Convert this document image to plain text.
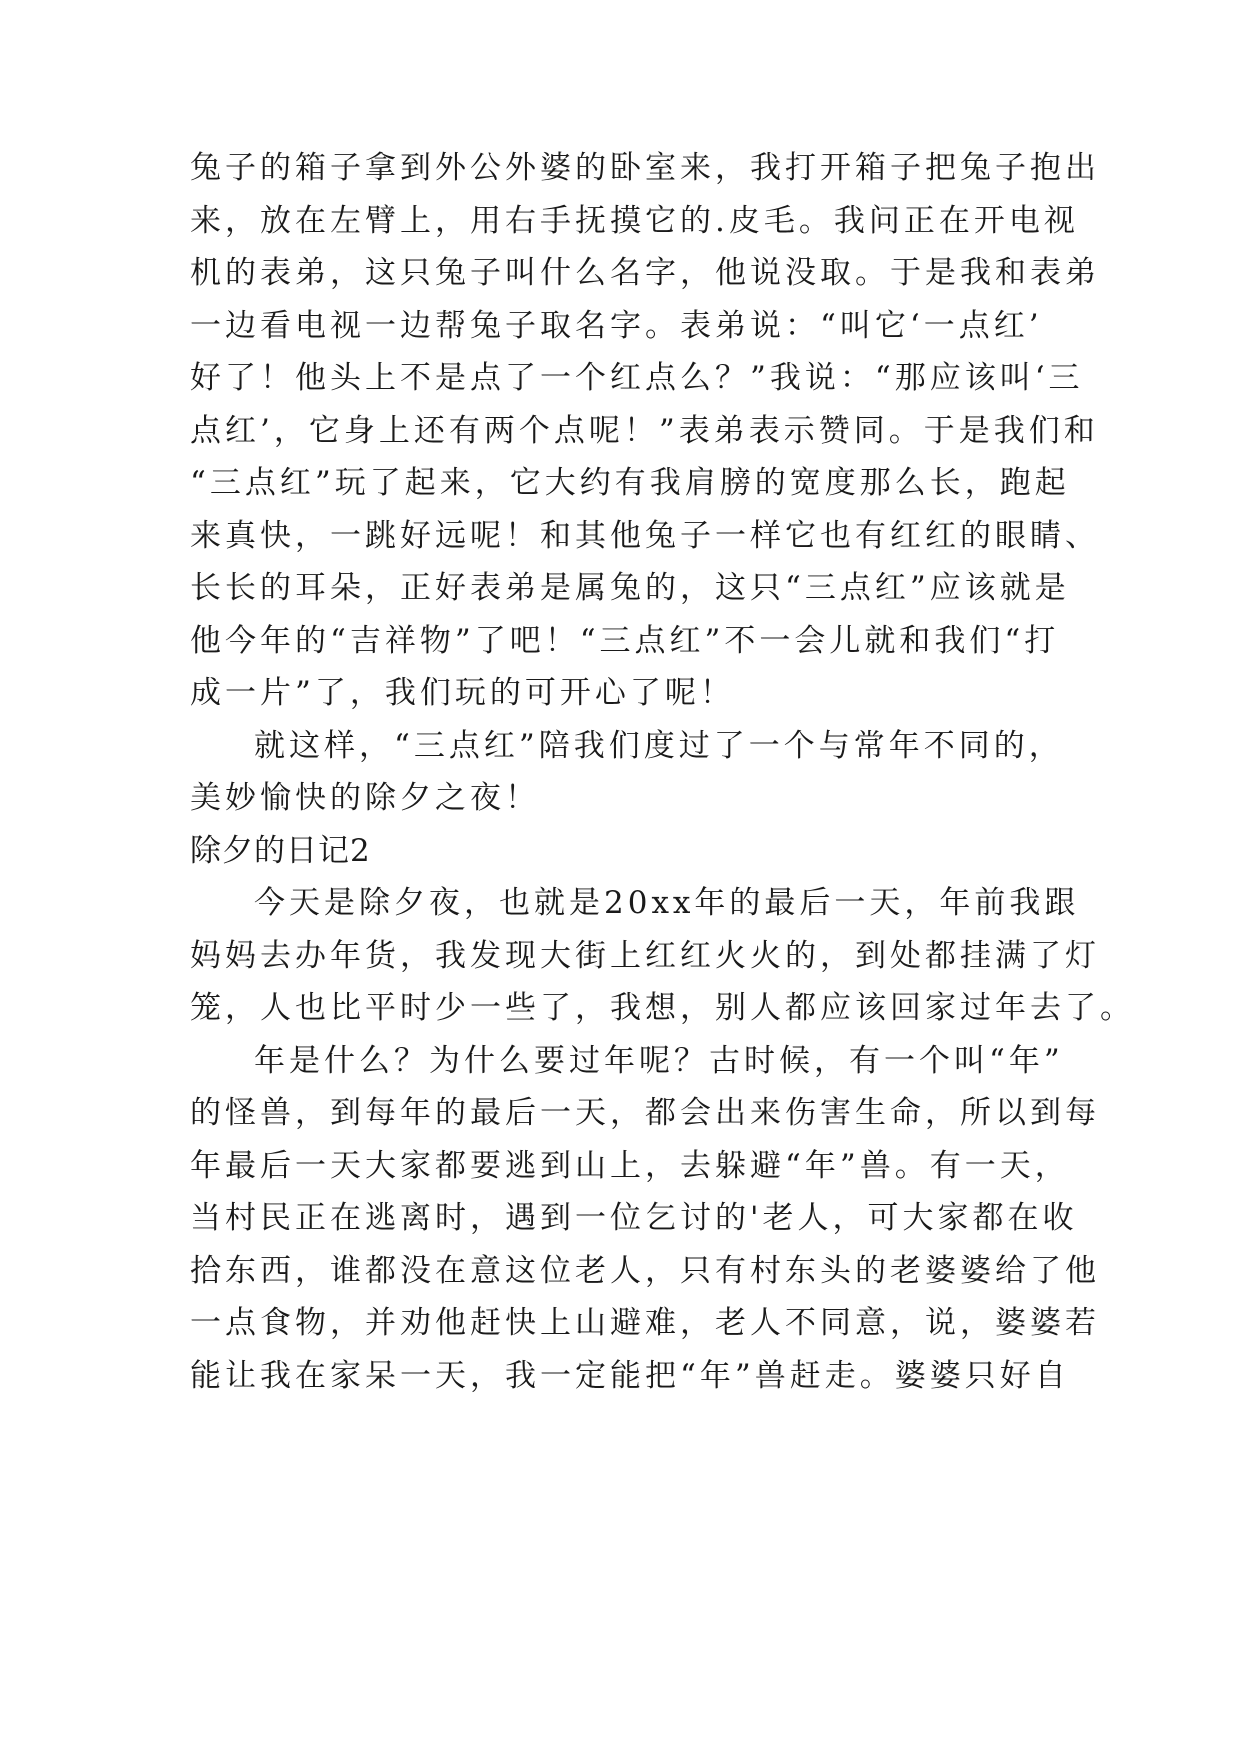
兔子的箱子拿到外公外婆的卧室来，我打开箱子把兔子抱出
来，放在左臂上，用右手抚摸它的.皮毛。我问正在开电视
机的表弟，这只兔子叫什么名字，他说没取。于是我和表弟
一边看电视一边帮兔子取名字。表弟说：“叫它‘一点红’
好了！他头上不是点了一个红点么？”我说：“那应该叫‘三
点红’，它身上还有两个点呢！”表弟表示赞同。于是我们和
“三点红”玩了起来，它大约有我肩膀的宽度那么长，跑起
来真快，一跳好远呢！和其他兔子一样它也有红红的眼睛、
长长的耳朵，正好表弟是属兔的，这只“三点红”应该就是
他今年的“吉祥物”了吧！“三点红”不一会儿就和我们“打
成一片”了，我们玩的可开心了呢！
就这样，“三点红”陪我们度过了一个与常年不同的，
美妙愉快的除夕之夜！
除夕的日记2
今天是除夕夜，也就是20xx年的最后一天，年前我跟
妈妈去办年货，我发现大街上红红火火的，到处都挂满了灯
笼，人也比平时少一些了，我想，别人都应该回家过年去了。
年是什么？为什么要过年呢？古时候，有一个叫“年”
的怪兽，到每年的最后一天，都会出来伤害生命，所以到每
年最后一天大家都要逃到山上，去躲避“年”兽。有一天，
当村民正在逃离时，遇到一位乞讨的'老人，可大家都在收
拾东西，谁都没在意这位老人，只有村东头的老婆婆给了他
一点食物，并劝他赶快上山避难，老人不同意，说，婆婆若
能让我在家呆一天，我一定能把“年”兽赶走。婆婆只好自
